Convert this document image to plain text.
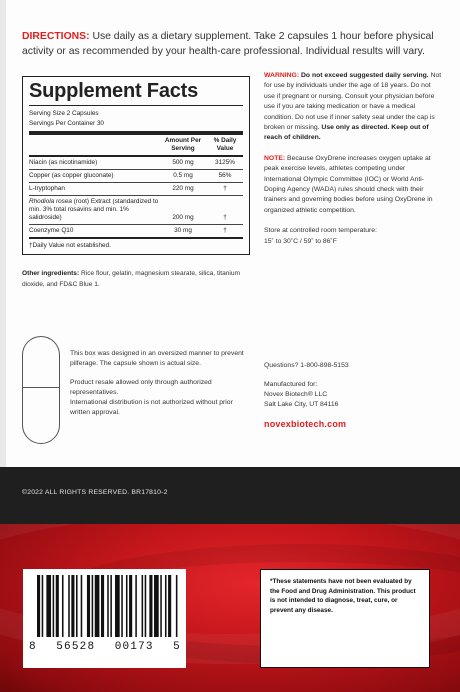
DIRECTIONS: Use daily as a dietary supplement. Take 2 capsules 1 hour before physical activity or as recommended by your health-care professional. Individual results will vary.
Supplement Facts
Serving Size 2 Capsules
Servings Per Container 30
Amount Per Serving
% Daily Value
Niacin (as nicotinamide)	500 mg	3125%
Copper (as copper gluconate)	0.5 mg	56%
L-tryptophan	220 mg	†
Rhodiola rosea (root) Extract (standardized to min. 3% total rosavins and min. 1% salidroside)	200 mg	†
Coenzyme Q10	30 mg	†
†Daily Value not established.
Other ingredients: Rice flour, gelatin, magnesium stearate, silica, titanium dioxide, and FD&C Blue 1.

WARNING: Do not exceed suggested daily serving. Not for use by individuals under the age of 18 years. Do not use if pregnant or nursing. Consult your physician before use if you are taking medication or have a medical condition. Do not use if inner safety seal under the cap is broken or missing. Use only as directed. Keep out of reach of children.

NOTE: Because OxyDrene increases oxygen uptake at peak exercise levels, athletes competing under International Olympic Committee (IOC) or World Anti-Doping Agency (WADA) rules should check with their trainers and governing bodies before using OxyDrene in organized athletic competition.

Store at controlled room temperature:
15˚ to 30˚C / 59˚ to 86˚F

This box was designed in an oversized manner to prevent pilferage. The capsule shown is actual size.

Product resale allowed only through authorized representatives.
International distribution is not authorized without prior written approval.

Questions? 1-800-898-5153

Manufactured for:
Novex Biotech® LLC
Salt Lake City, UT 84116

novexbiotech.com
©2022 ALL RIGHTS RESERVED. BR17810-2
8 56528 00173 5
*These statements have not been evaluated by the Food and Drug Administration. This product is not intended to diagnose, treat, cure, or prevent any disease.
